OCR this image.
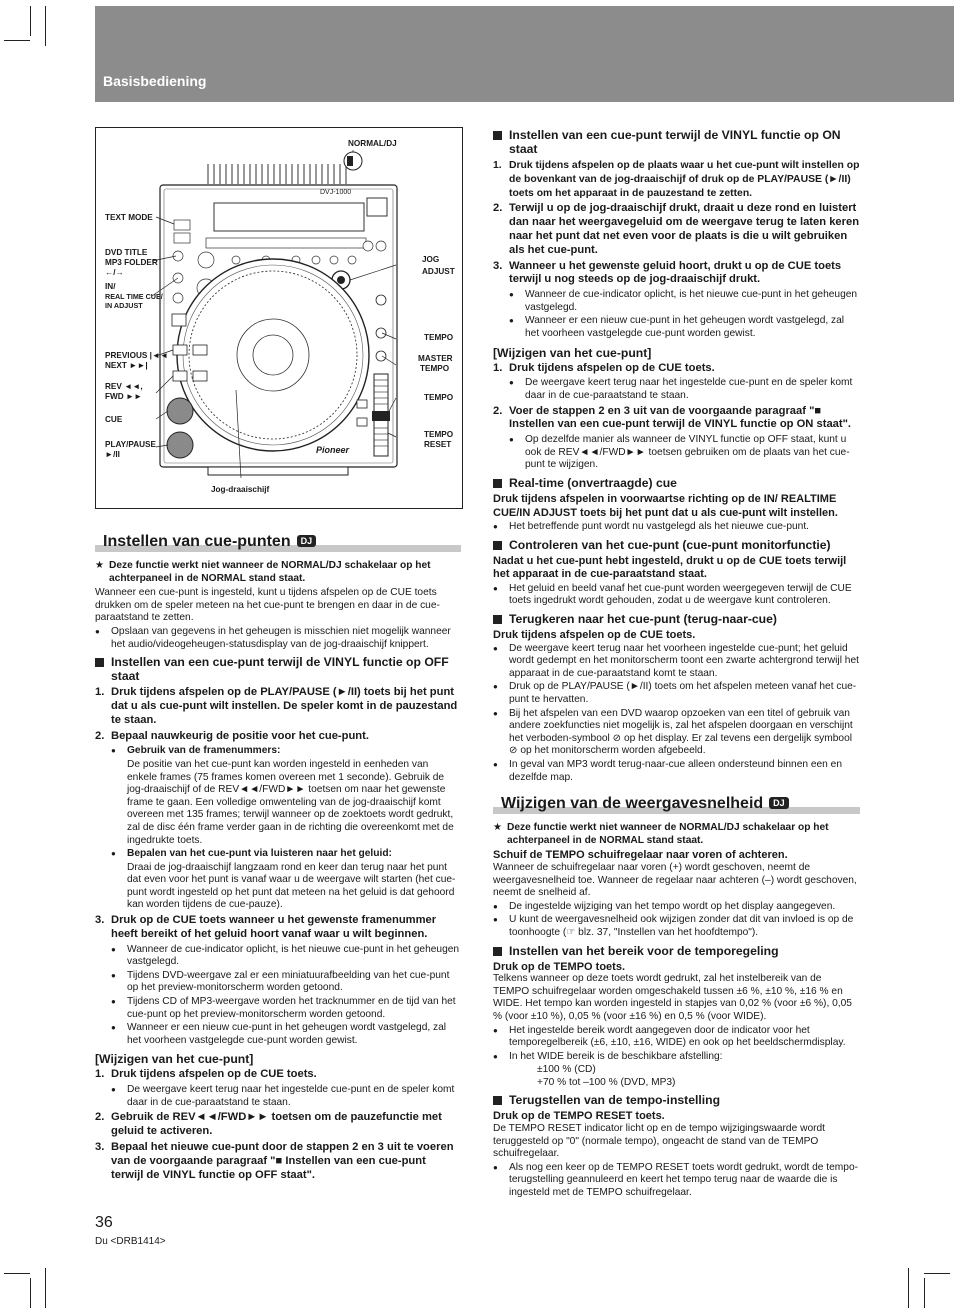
Basisbediening
NORMAL/DJ
DVJ-1000
TEXT MODE
DVD TITLE
MP3 FOLDER
←/→
IN/
REAL TIME CUE/
IN ADJUST
JOG
ADJUST
TEMPO
MASTER
TEMPO
PREVIOUS |◄◄
NEXT ►►|
REV ◄◄,
FWD ►►	TEMPO
CUE
TEMPO
RESET
PLAY/PAUSE
►/II
Jog-draaischijf
Pioneer
Instellen van cue-punten DJ

★ Deze functie werkt niet wanneer de NORMAL/DJ schakelaar op het achterpaneel in de NORMAL stand staat.

Wanneer een cue-punt is ingesteld, kunt u tijdens afspelen op de CUE toets drukken om de speler meteen na het cue-punt te brengen en daar in de cue-paraatstand te zetten.

● Opslaan van gegevens in het geheugen is misschien niet mogelijk wanneer het audio/videogeheugen-statusdisplay van de jog-draaischijf knippert.

Instellen van een cue-punt terwijl de VINYL functie op OFF staat

1. Druk tijdens afspelen op de PLAY/PAUSE (►/II) toets bij het punt dat u als cue-punt wilt instellen. De speler komt in de pauzestand te staan.

2. Bepaal nauwkeurig de positie voor het cue-punt.

● Gebruik van de framenummers:

De positie van het cue-punt kan worden ingesteld in eenheden van enkele frames (75 frames komen overeen met 1 seconde). Gebruik de jog-draaischijf of de REV◄◄/FWD►► toetsen om naar het gewenste frame te gaan. Een volledige omwenteling van de jog-draaischijf komt overeen met 135 frames; terwijl wanneer op de zoektoets wordt gedrukt, zal de disc één frame verder gaan in de richting die overeenkomt met de ingedrukte toets.

● Bepalen van het cue-punt via luisteren naar het geluid:

Draai de jog-draaischijf langzaam rond en keer dan terug naar het punt dat even voor het punt is vanaf waar u de weergave wilt starten (het cue-punt wordt ingesteld op het punt dat meteen na het geluid is dat gehoord kan worden tijdens de cue-pauze).

3. Druk op de CUE toets wanneer u het gewenste framenummer heeft bereikt of het geluid hoort vanaf waar u wilt beginnen.

● Wanneer de cue-indicator oplicht, is het nieuwe cue-punt in het geheugen vastgelegd.

● Tijdens DVD-weergave zal er een miniatuurafbeelding van het cue-punt op het preview-monitorscherm worden getoond.

● Tijdens CD of MP3-weergave worden het tracknummer en de tijd van het cue-punt op het preview-monitorscherm worden getoond.

● Wanneer er een nieuw cue-punt in het geheugen wordt vastgelegd, zal het voorheen vastgelegde cue-punt worden gewist.

[Wijzigen van het cue-punt]

1. Druk tijdens afspelen op de CUE toets.

● De weergave keert terug naar het ingestelde cue-punt en de speler komt daar in de cue-paraatstand te staan.

2. Gebruik de REV◄◄/FWD►► toetsen om de pauzefunctie met geluid te activeren.

3. Bepaal het nieuwe cue-punt door de stappen 2 en 3 uit te voeren van de voorgaande paragraaf "■ Instellen van een cue-punt terwijl de VINYL functie op OFF staat".

Instellen van een cue-punt terwijl de VINYL functie op ON staat

1. Druk tijdens afspelen op de plaats waar u het cue-punt wilt instellen op de bovenkant van de jog-draaischijf of druk op de PLAY/PAUSE (►/II) toets om het apparaat in de pauzestand te zetten.

2. Terwijl u op de jog-draaischijf drukt, draait u deze rond en luistert dan naar het weergavegeluid om de weergave terug te laten keren naar het punt dat net even voor de plaats is die u wilt gebruiken als het cue-punt.

3. Wanneer u het gewenste geluid hoort, drukt u op de CUE toets terwijl u nog steeds op de jog-draaischijf drukt.

● Wanneer de cue-indicator oplicht, is het nieuwe cue-punt in het geheugen vastgelegd.

● Wanneer er een nieuw cue-punt in het geheugen wordt vastgelegd, zal het voorheen vastgelegde cue-punt worden gewist.

[Wijzigen van het cue-punt]

1. Druk tijdens afspelen op de CUE toets.

● De weergave keert terug naar het ingestelde cue-punt en de speler komt daar in de cue-paraatstand te staan.

2. Voer de stappen 2 en 3 uit van de voorgaande paragraaf "■ Instellen van een cue-punt terwijl de VINYL functie op ON staat".

● Op dezelfde manier als wanneer de VINYL functie op OFF staat, kunt u ook de REV◄◄/FWD►► toetsen gebruiken om de plaats van het cue-punt te wijzigen.

Real-time (onvertraagde) cue

Druk tijdens afspelen in voorwaartse richting op de IN/ REALTIME CUE/IN ADJUST toets bij het punt dat u als cue-punt wilt instellen.

● Het betreffende punt wordt nu vastgelegd als het nieuwe cue-punt.

Controleren van het cue-punt (cue-punt monitorfunctie)

Nadat u het cue-punt hebt ingesteld, drukt u op de CUE toets terwijl het apparaat in de cue-paraatstand staat.

● Het geluid en beeld vanaf het cue-punt worden weergegeven terwijl de CUE toets ingedrukt wordt gehouden, zodat u de weergave kunt controleren.

Terugkeren naar het cue-punt (terug-naar-cue)

Druk tijdens afspelen op de CUE toets.

● De weergave keert terug naar het voorheen ingestelde cue-punt; het geluid wordt gedempt en het monitorscherm toont een zwarte achtergrond terwijl het apparaat in de cue-paraatstand komt te staan.

● Druk op de PLAY/PAUSE (►/II) toets om het afspelen meteen vanaf het cue-punt te hervatten.

● Bij het afspelen van een DVD waarop opzoeken van een titel of gebruik van andere zoekfuncties niet mogelijk is, zal het afspelen doorgaan en verschijnt het verboden-symbool ⊘ op het display. Er zal tevens een dergelijk symbool ⊘ op het monitorscherm worden afgebeeld.

● In geval van MP3 wordt terug-naar-cue alleen ondersteund binnen een en dezelfde map.

Wijzigen van de weergavesnelheid DJ

★ Deze functie werkt niet wanneer de NORMAL/DJ schakelaar op het achterpaneel in de NORMAL stand staat.

Schuif de TEMPO schuifregelaar naar voren of achteren.

Wanneer de schuifregelaar naar voren (+) wordt geschoven, neemt de weergavesnelheid toe. Wanneer de regelaar naar achteren (–) wordt geschoven, neemt de snelheid af.

● De ingestelde wijziging van het tempo wordt op het display aangegeven.

● U kunt de weergavesnelheid ook wijzigen zonder dat dit van invloed is op de toonhoogte (☞ blz. 37, "Instellen van het hoofdtempo").

Instellen van het bereik voor de temporegeling

Druk op de TEMPO toets.

Telkens wanneer op deze toets wordt gedrukt, zal het instelbereik van de TEMPO schuifregelaar worden omgeschakeld tussen ±6 %, ±10 %, ±16 % en WIDE. Het tempo kan worden ingesteld in stapjes van 0,02 % (voor ±6 %), 0,05 % (voor ±10 %), 0,05 % (voor ±16 %) en 0,5 % (voor WIDE).

● Het ingestelde bereik wordt aangegeven door de indicator voor het temporegelbereik (±6, ±10, ±16, WIDE) en ook op het beeldschermdisplay.

● In het WIDE bereik is de beschikbare afstelling:

±100 % (CD)

+70 % tot –100 % (DVD, MP3)

Terugstellen van de tempo-instelling

Druk op de TEMPO RESET toets.

De TEMPO RESET indicator licht op en de tempo wijzigingswaarde wordt teruggesteld op "0" (normale tempo), ongeacht de stand van de TEMPO schuifregelaar.

● Als nog een keer op de TEMPO RESET toets wordt gedrukt, wordt de tempo-terugstelling geannuleerd en keert het tempo terug naar de waarde die is ingesteld met de TEMPO schuifregelaar.

36
Du <DRB1414>
